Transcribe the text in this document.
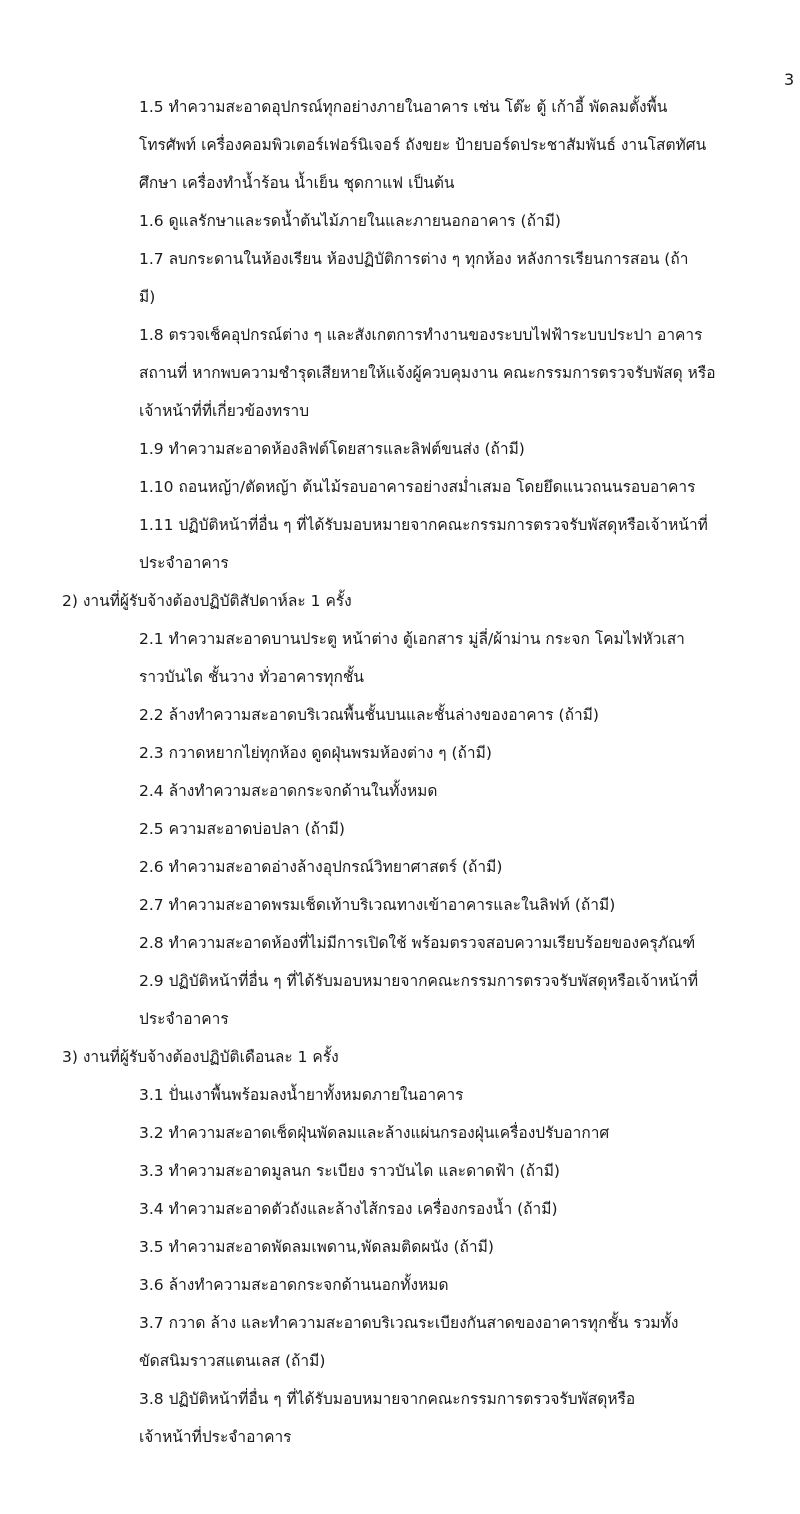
3
1.5 ทำความสะอาดอุปกรณ์ทุกอย่างภายในอาคาร เช่น โต๊ะ ตู้ เก้าอี้ พัดลมตั้งพื้น
โทรศัพท์ เครื่องคอมพิวเตอร์เฟอร์นิเจอร์ ถังขยะ ป้ายบอร์ดประชาสัมพันธ์ งานโสตทัศน
ศึกษา เครื่องทำน้ำร้อน น้ำเย็น ชุดกาแฟ เป็นต้น
1.6 ดูแลรักษาและรดน้ำต้นไม้ภายในและภายนอกอาคาร (ถ้ามี)
1.7 ลบกระดานในห้องเรียน ห้องปฏิบัติการต่าง ๆ ทุกห้อง หลังการเรียนการสอน (ถ้า
มี)
1.8 ตรวจเช็คอุปกรณ์ต่าง ๆ และสังเกตการทำงานของระบบไฟฟ้าระบบประปา อาคาร
สถานที่ หากพบความชำรุดเสียหายให้แจ้งผู้ควบคุมงาน คณะกรรมการตรวจรับพัสดุ หรือ
เจ้าหน้าที่ที่เกี่ยวข้องทราบ
1.9 ทำความสะอาดห้องลิฟต์โดยสารและลิฟต์ขนส่ง (ถ้ามี)
1.10 ถอนหญ้า/ตัดหญ้า ต้นไม้รอบอาคารอย่างสม่ำเสมอ โดยยึดแนวถนนรอบอาคาร
1.11 ปฏิบัติหน้าที่อื่น ๆ ที่ได้รับมอบหมายจากคณะกรรมการตรวจรับพัสดุหรือเจ้าหน้าที่
ประจำอาคาร
2) งานที่ผู้รับจ้างต้องปฏิบัติสัปดาห์ละ 1 ครั้ง
2.1 ทำความสะอาดบานประตู หน้าต่าง ตู้เอกสาร มู่ลี่/ผ้าม่าน กระจก โคมไฟหัวเสา
ราวบันได ชั้นวาง ทั่วอาคารทุกชั้น
2.2 ล้างทำความสะอาดบริเวณพื้นชั้นบนและชั้นล่างของอาคาร (ถ้ามี)
2.3 กวาดหยากไย่ทุกห้อง ดูดฝุ่นพรมห้องต่าง ๆ (ถ้ามี)
2.4 ล้างทำความสะอาดกระจกด้านในทั้งหมด
2.5 ความสะอาดบ่อปลา (ถ้ามี)
2.6 ทำความสะอาดอ่างล้างอุปกรณ์วิทยาศาสตร์ (ถ้ามี)
2.7 ทำความสะอาดพรมเช็ดเท้าบริเวณทางเข้าอาคารและในลิฟท์ (ถ้ามี)
2.8 ทำความสะอาดห้องที่ไม่มีการเปิดใช้ พร้อมตรวจสอบความเรียบร้อยของครุภัณฑ์
2.9 ปฏิบัติหน้าที่อื่น ๆ ที่ได้รับมอบหมายจากคณะกรรมการตรวจรับพัสดุหรือเจ้าหน้าที่
ประจำอาคาร
3) งานที่ผู้รับจ้างต้องปฏิบัติเดือนละ 1 ครั้ง
3.1 ปั่นเงาพื้นพร้อมลงน้ำยาทั้งหมดภายในอาคาร
3.2 ทำความสะอาดเช็ดฝุ่นพัดลมและล้างแผ่นกรองฝุ่นเครื่องปรับอากาศ
3.3 ทำความสะอาดมูลนก ระเบียง ราวบันได และดาดฟ้า (ถ้ามี)
3.4 ทำความสะอาดตัวถังและล้างไส้กรอง เครื่องกรองน้ำ (ถ้ามี)
3.5 ทำความสะอาดพัดลมเพดาน,พัดลมติดผนัง (ถ้ามี)
3.6 ล้างทำความสะอาดกระจกด้านนอกทั้งหมด
3.7 กวาด ล้าง และทำความสะอาดบริเวณระเบียงกันสาดของอาคารทุกชั้น รวมทั้ง
ขัดสนิมราวสแตนเลส (ถ้ามี)
3.8 ปฏิบัติหน้าที่อื่น ๆ ที่ได้รับมอบหมายจากคณะกรรมการตรวจรับพัสดุหรือ
เจ้าหน้าที่ประจำอาคาร
